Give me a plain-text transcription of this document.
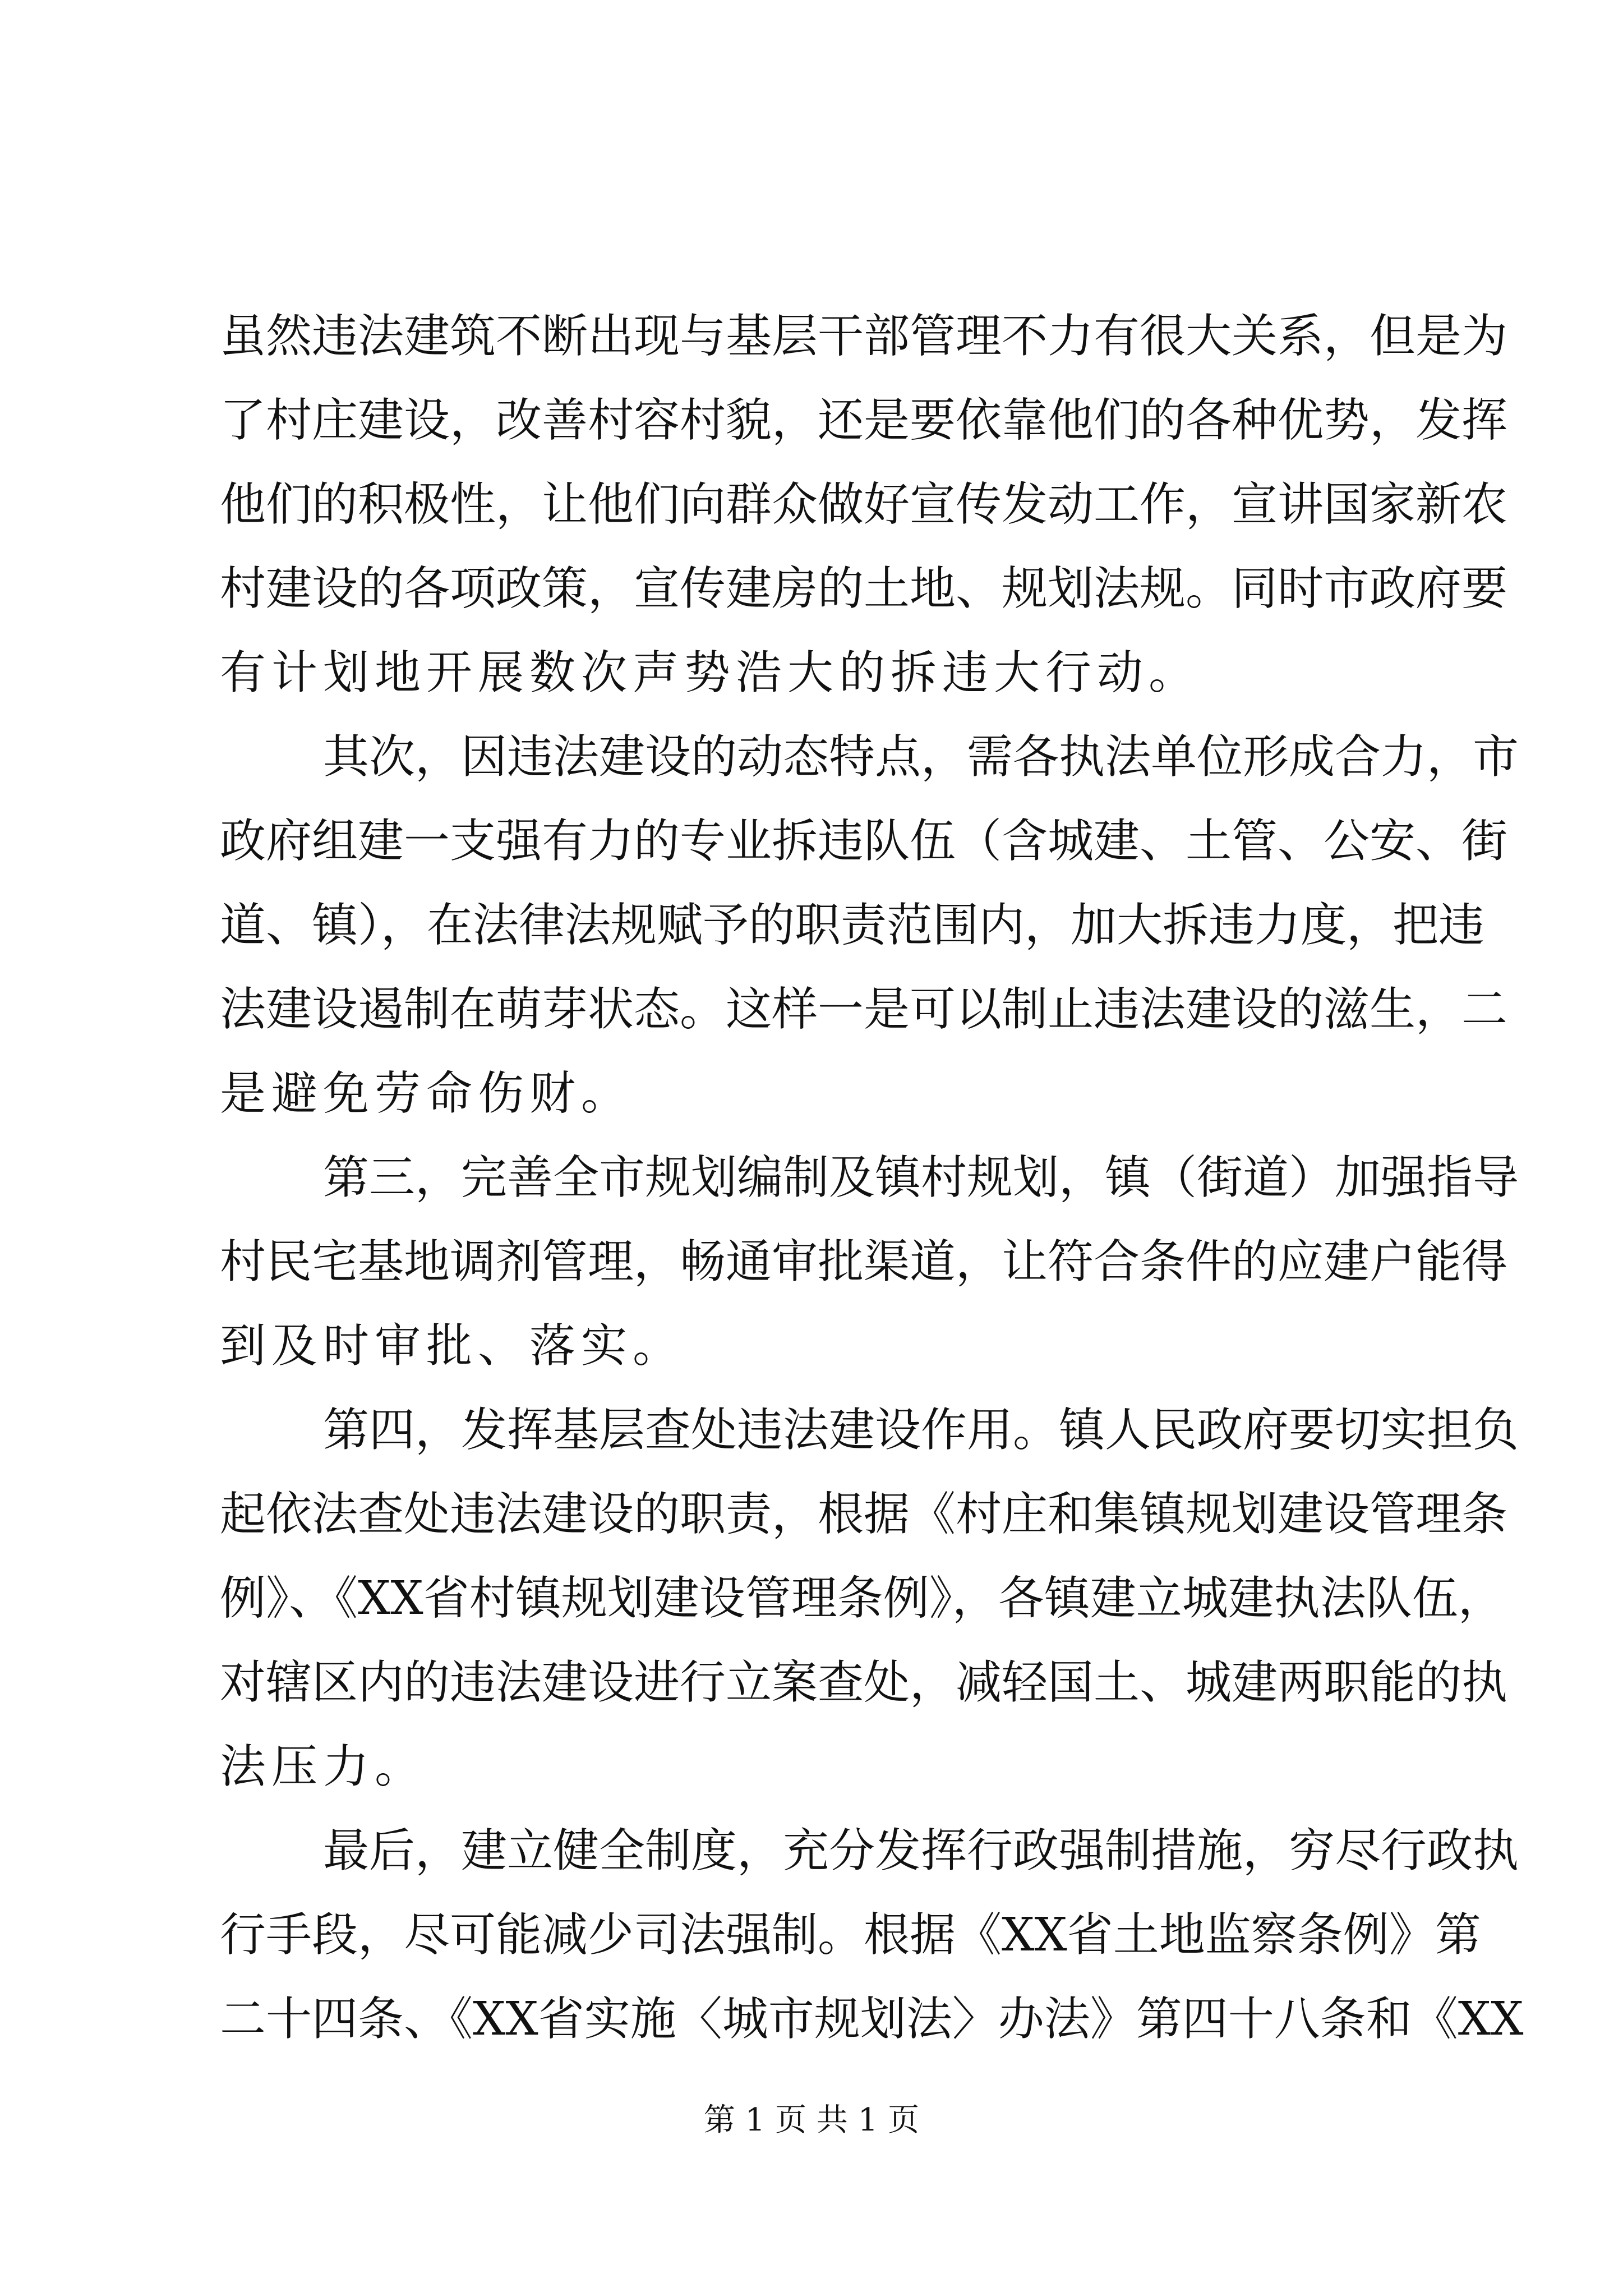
虽然违法建筑不断出现与基层干部管理不力有很大关系，但是为
了村庄建设，改善村容村貌，还是要依靠他们的各种优势，发挥
他们的积极性，让他们向群众做好宣传发动工作，宣讲国家新农
村建设的各项政策，宣传建房的土地、规划法规。同时市政府要
有计划地开展数次声势浩大的拆违大行动。
其次，因违法建设的动态特点，需各执法单位形成合力，市
政府组建一支强有力的专业拆违队伍（含城建、土管、公安、街
道、镇），在法律法规赋予的职责范围内，加大拆违力度，把违
法建设遏制在萌芽状态。这样一是可以制止违法建设的滋生，二
是避免劳命伤财。
第三，完善全市规划编制及镇村规划，镇（街道）加强指导
村民宅基地调剂管理，畅通审批渠道，让符合条件的应建户能得
到及时审批、落实。
第四，发挥基层查处违法建设作用。镇人民政府要切实担负
起依法查处违法建设的职责，根据《村庄和集镇规划建设管理条
例》、《XX省村镇规划建设管理条例》，各镇建立城建执法队伍，
对辖区内的违法建设进行立案查处，减轻国土、城建两职能的执
法压力。
最后，建立健全制度，充分发挥行政强制措施，穷尽行政执
行手段，尽可能减少司法强制。根据《XX省土地监察条例》第
二十四条、《XX省实施〈城市规划法〉办法》第四十八条和《XX
第 1 页 共 1 页
